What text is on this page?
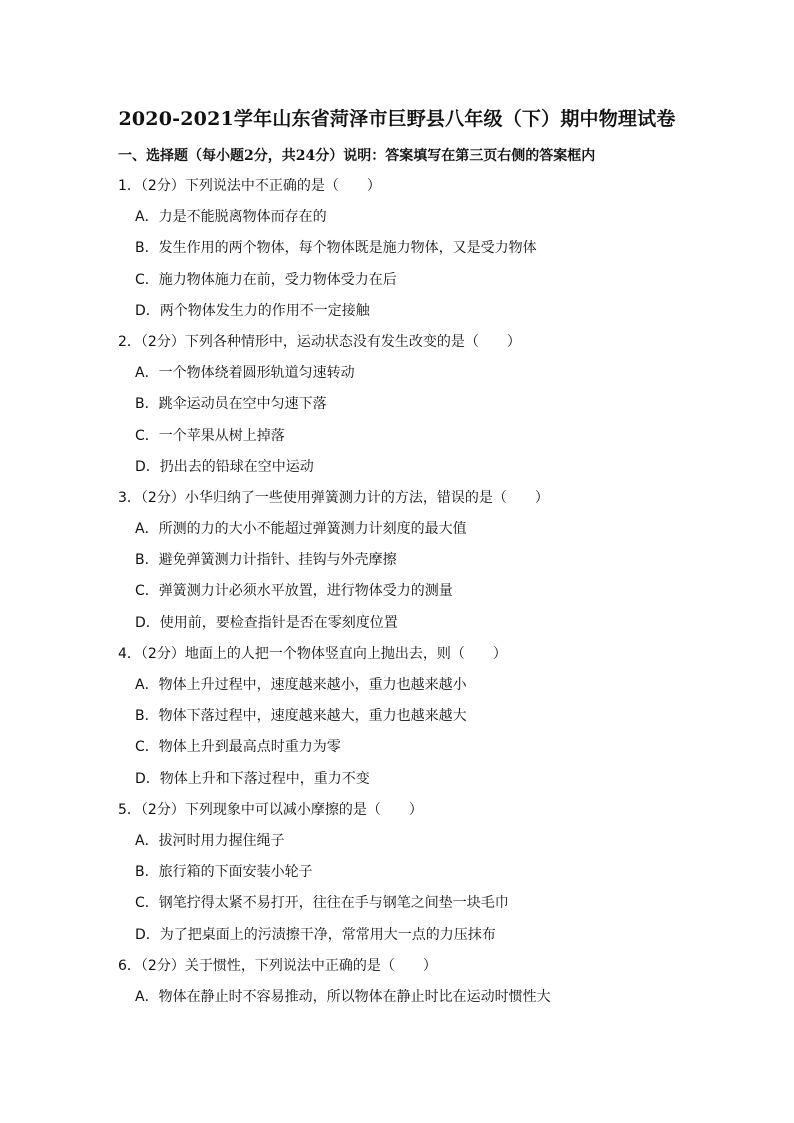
2020-2021学年山东省菏泽市巨野县八年级（下）期中物理试卷
一、选择题（每小题2分，共24分）说明：答案填写在第三页右侧的答案框内
1．（2分）下列说法中不正确的是（　　）
A．力是不能脱离物体而存在的
B．发生作用的两个物体，每个物体既是施力物体，又是受力物体
C．施力物体施力在前，受力物体受力在后
D．两个物体发生力的作用不一定接触
2．（2分）下列各种情形中，运动状态没有发生改变的是（　　）
A．一个物体绕着圆形轨道匀速转动
B．跳伞运动员在空中匀速下落
C．一个苹果从树上掉落
D．扔出去的铅球在空中运动
3．（2分）小华归纳了一些使用弹簧测力计的方法，错误的是（　　）
A．所测的力的大小不能超过弹簧测力计刻度的最大值
B．避免弹簧测力计指针、挂钩与外壳摩擦
C．弹簧测力计必须水平放置，进行物体受力的测量
D．使用前，要检查指针是否在零刻度位置
4．（2分）地面上的人把一个物体竖直向上抛出去，则（　　）
A．物体上升过程中，速度越来越小，重力也越来越小
B．物体下落过程中，速度越来越大，重力也越来越大
C．物体上升到最高点时重力为零
D．物体上升和下落过程中，重力不变
5．（2分）下列现象中可以减小摩擦的是（　　）
A．拔河时用力握住绳子
B．旅行箱的下面安装小轮子
C．钢笔拧得太紧不易打开，往往在手与钢笔之间垫一块毛巾
D．为了把桌面上的污渍擦干净，常常用大一点的力压抹布
6．（2分）关于惯性，下列说法中正确的是（　　）
A．物体在静止时不容易推动，所以物体在静止时比在运动时惯性大
